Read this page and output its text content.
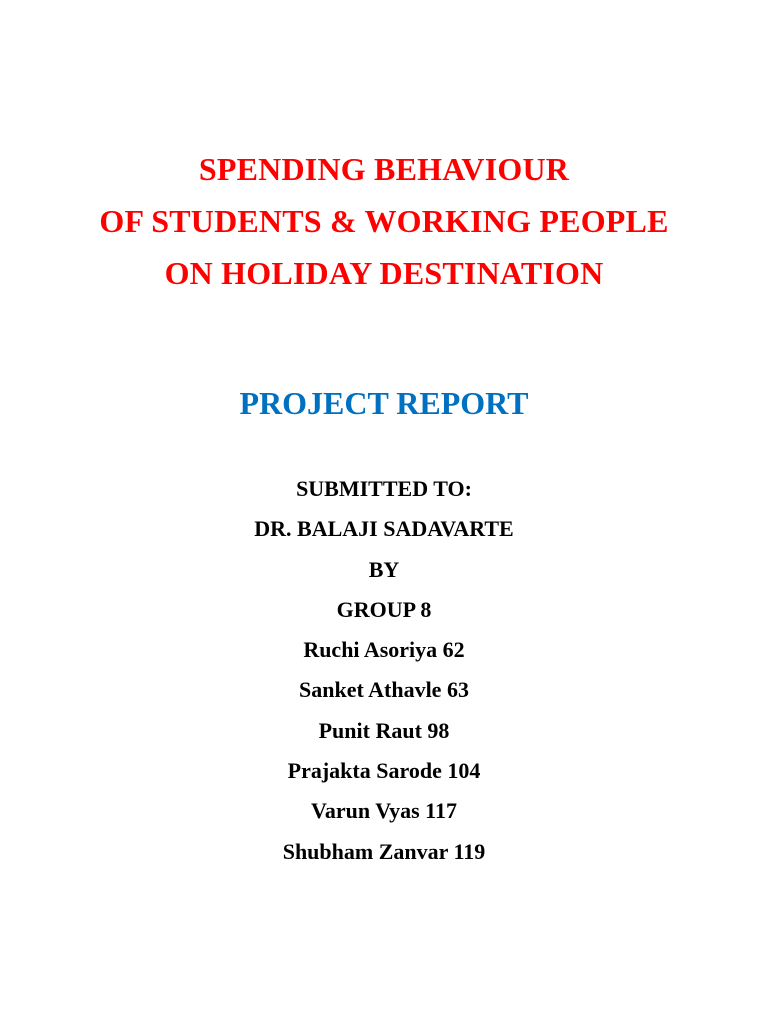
SPENDING BEHAVIOUR
OF STUDENTS & WORKING PEOPLE
ON HOLIDAY DESTINATION
PROJECT REPORT
SUBMITTED TO:
DR. BALAJI SADAVARTE
BY
GROUP 8
Ruchi Asoriya 62
Sanket Athavle 63
Punit Raut 98
Prajakta Sarode 104
Varun Vyas 117
Shubham Zanvar 119
